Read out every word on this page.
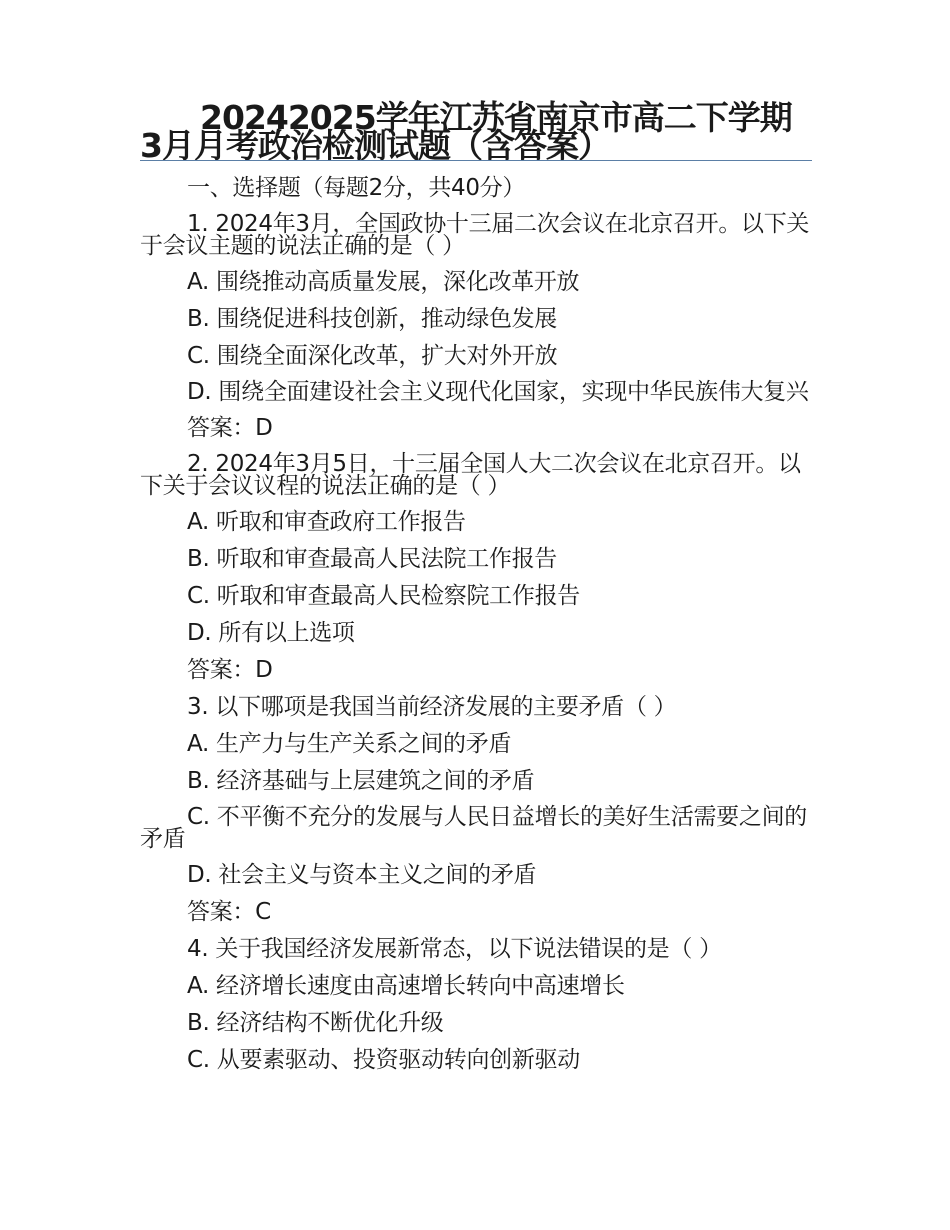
20242025学年江苏省南京市高二下学期3月月考政治检测试题（含答案）

一、选择题（每题2分，共40分）

1. 2024年3月，全国政协十三届二次会议在北京召开。以下关于会议主题的说法正确的是（ ）

A. 围绕推动高质量发展，深化改革开放

B. 围绕促进科技创新，推动绿色发展

C. 围绕全面深化改革，扩大对外开放

D. 围绕全面建设社会主义现代化国家，实现中华民族伟大复兴

答案：D

2. 2024年3月5日，十三届全国人大二次会议在北京召开。以下关于会议议程的说法正确的是（ ）

A. 听取和审查政府工作报告

B. 听取和审查最高人民法院工作报告

C. 听取和审查最高人民检察院工作报告

D. 所有以上选项

答案：D

3. 以下哪项是我国当前经济发展的主要矛盾（ ）

A. 生产力与生产关系之间的矛盾

B. 经济基础与上层建筑之间的矛盾

C. 不平衡不充分的发展与人民日益增长的美好生活需要之间的矛盾

D. 社会主义与资本主义之间的矛盾

答案：C

4. 关于我国经济发展新常态，以下说法错误的是（ ）

A. 经济增长速度由高速增长转向中高速增长

B. 经济结构不断优化升级

C. 从要素驱动、投资驱动转向创新驱动
